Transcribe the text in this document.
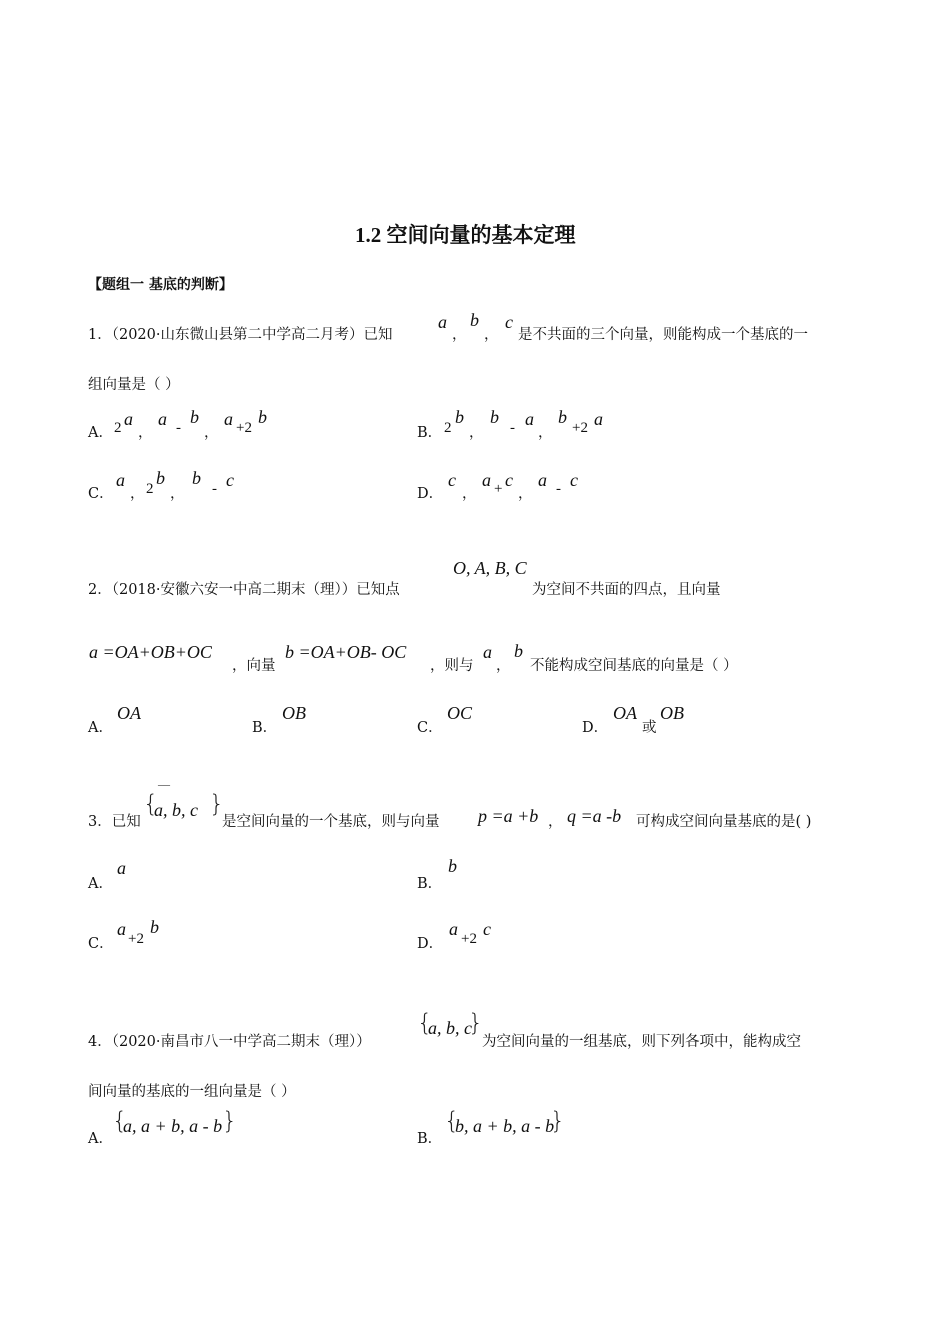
1.2 空间向量的基本定理
【题组一 基底的判断】
1．（2020·山东微山县第二中学高二月考）已知
a
，
b
，
c
是不共面的三个向量，则能构成一个基底的一
组向量是（ ）
A． 2 a
，
a -
b
，
a +2
b
B． 2
b
，
b
- a
，
b
+2 a
C．
a
， 2
b
，
b
- c
D．
c
，
a + c
，
a - c
O, A, B, C
2．（2018·安徽六安一中高二期末（理））已知点	为空间不共面的四点，且向量
a =OA+OB+OC
，向量
b =OA+OB- OC
，则与
a
，
b
不能构成空间基底的向量是（ ）
A．
OA
B．
OB
C．
OC
D．
OA
或
OB
3．已知
{ ¯¯
a, b, c }
是空间向量的一个基底，则与向量 p =a +b ， q =a -b 可构成空间向量基底的是( )
A．
a
B．
b
C．
a +2
b
D．
a +2 c
4．（2020·南昌市八一中学高二期末（理））
{
a, b, c
}
为空间向量的一组基底，则下列各项中，能构成空
间向量的基底的一组向量是（ ）
A．
{
a, a + b, a - b }
B．
{
b, a + b, a - b
}
